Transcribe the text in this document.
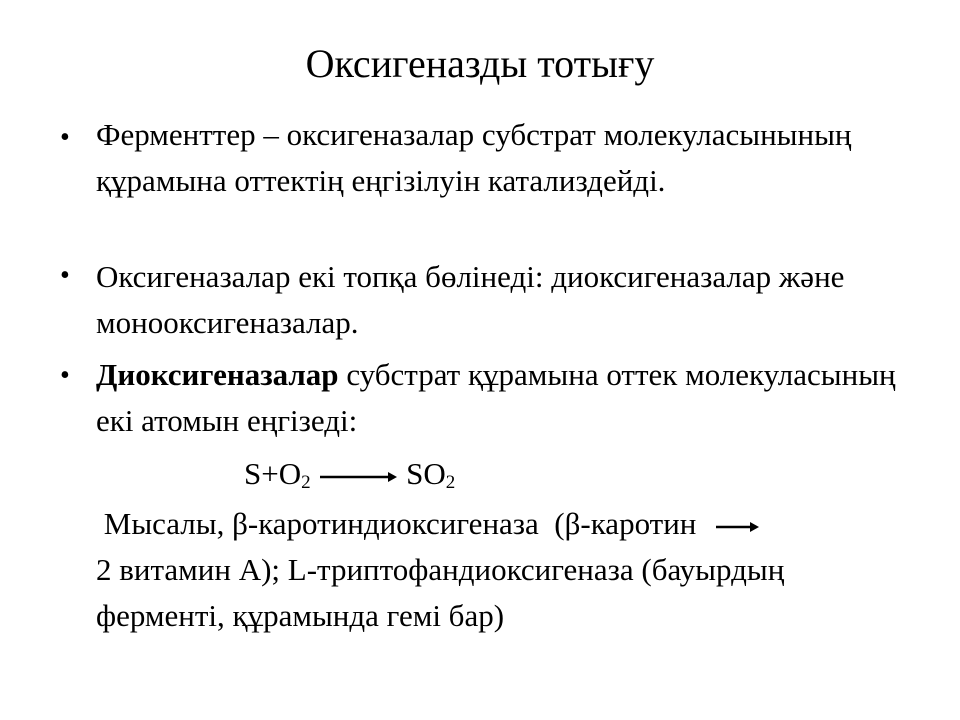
Оксигеназды тотығу
• Ферменттер – оксигеназалар субстрат молекуласынының құрамына оттектің еңгізілуін катализдейді.
• Оксигеназалар екі топқа бөлінеді: диоксигеназалар және монооксигеназалар.
• Диоксигеназалар субстрат құрамына оттек молекуласының екі атомын еңгізеді:
$S+O_2 \to SO_2$
Мысалы, β-каротиндиоксигеназа  (β-каротин
2 витамин А); L-триптофандиоксигеназа (бауырдың ферменті, құрамында гемі бар)
